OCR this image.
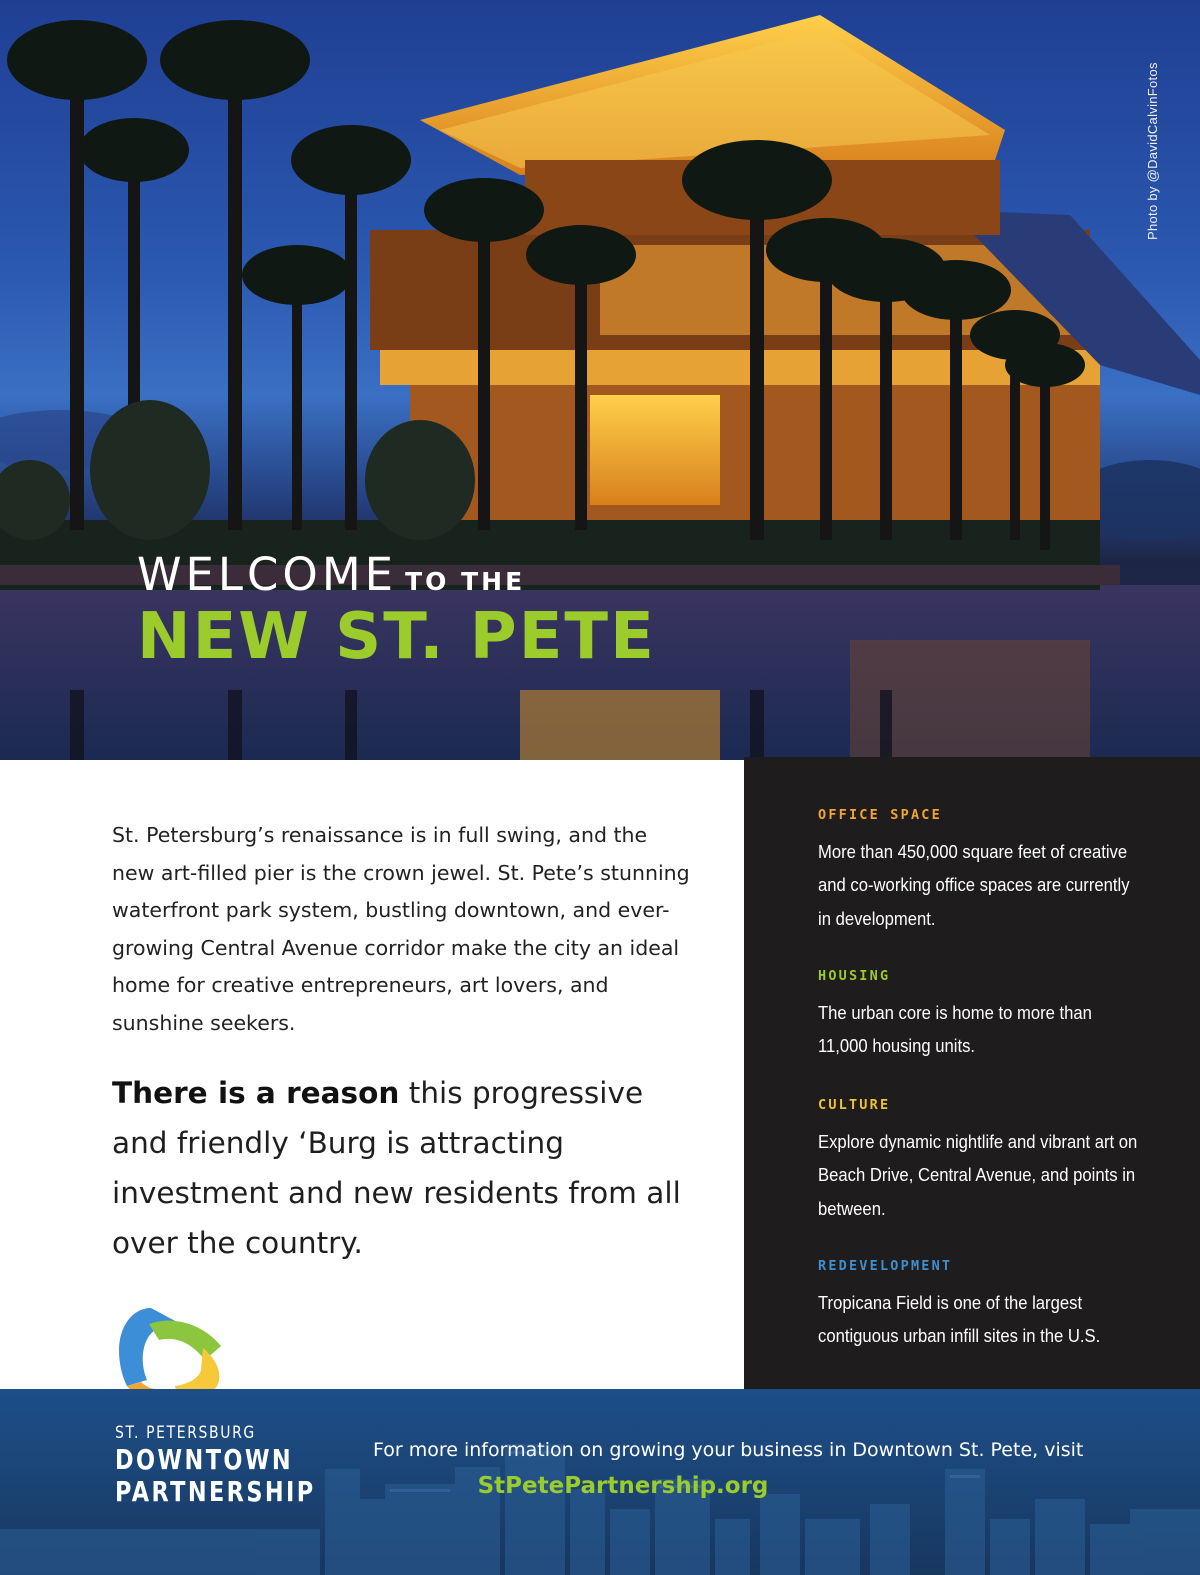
Photo by @DavidCalvinFotos
WELCOME TO THE
NEW ST. PETE
St. Petersburg’s renaissance is in full swing, and the new art-filled pier is the crown jewel. St. Pete’s stunning waterfront park system, bustling downtown, and ever-growing Central Avenue corridor make the city an ideal home for creative entrepreneurs, art lovers, and sunshine seekers.
There is a reason this progressive and friendly ‘Burg is attracting investment and new residents from all over the country.
OFFICE SPACE
More than 450,000 square feet of creative and co-working office spaces are currently in development.
HOUSING
The urban core is home to more than 11,000 housing units.
CULTURE
Explore dynamic nightlife and vibrant art on Beach Drive, Central Avenue, and points in between.
REDEVELOPMENT
Tropicana Field is one of the largest contiguous urban infill sites in the U.S.
ST. PETERSBURG
DOWNTOWN
PARTNERSHIP
For more information on growing your business in Downtown St. Pete, visit
StPetePartnership.org
